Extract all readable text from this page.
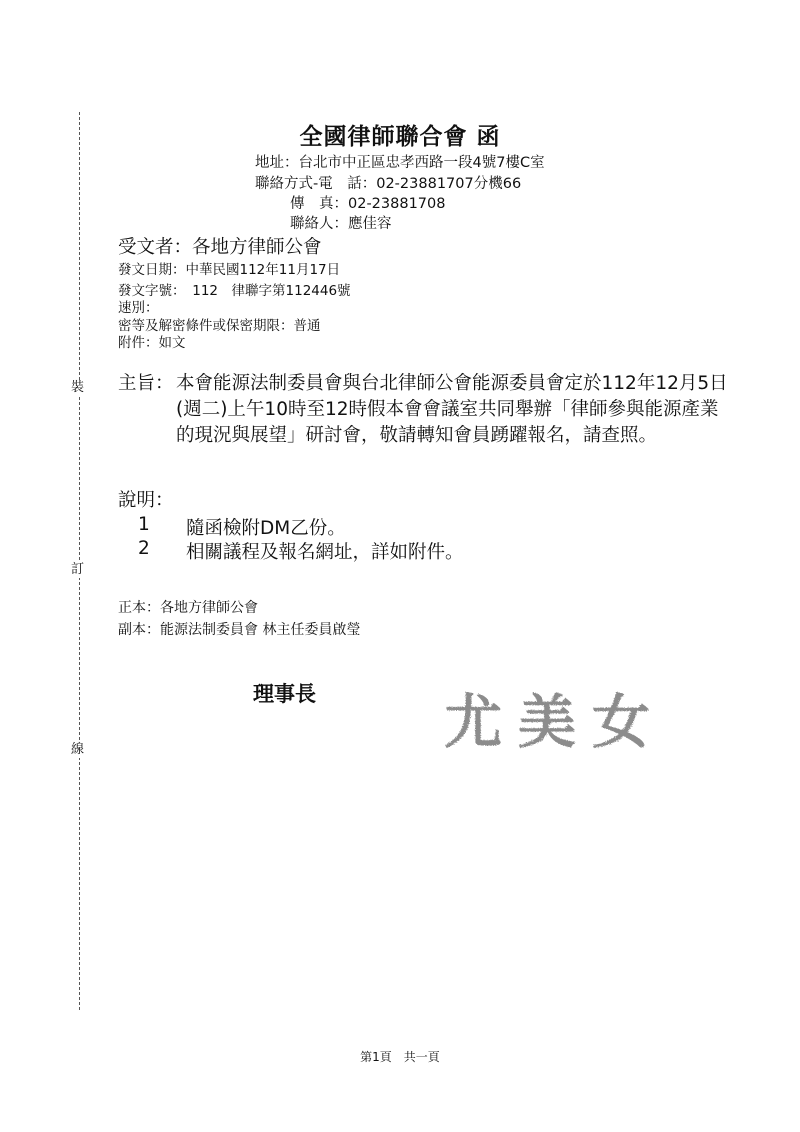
裝
訂
線
全國律師聯合會 函
地址：台北市中正區忠孝西路一段4號7樓C室
聯絡方式-電　話：02-23881707分機66
傳　真：02-23881708
聯絡人：應佳容
受文者：各地方律師公會
發文日期：中華民國112年11月17日
發文字號：　112　律聯字第112446號
速別：
密等及解密條件或保密期限：普通
附件：如文
主旨： 本會能源法制委員會與台北律師公會能源委員會定於112年12月5日(週二)上午10時至12時假本會會議室共同舉辦「律師參與能源產業的現況與展望」研討會，敬請轉知會員踴躍報名，請查照。
說明：
1 隨函檢附DM乙份。
2 相關議程及報名網址，詳如附件。
正本：各地方律師公會
副本：能源法制委員會 林主任委員啟瑩
理事長 尤 美 女
第1頁　共一頁
